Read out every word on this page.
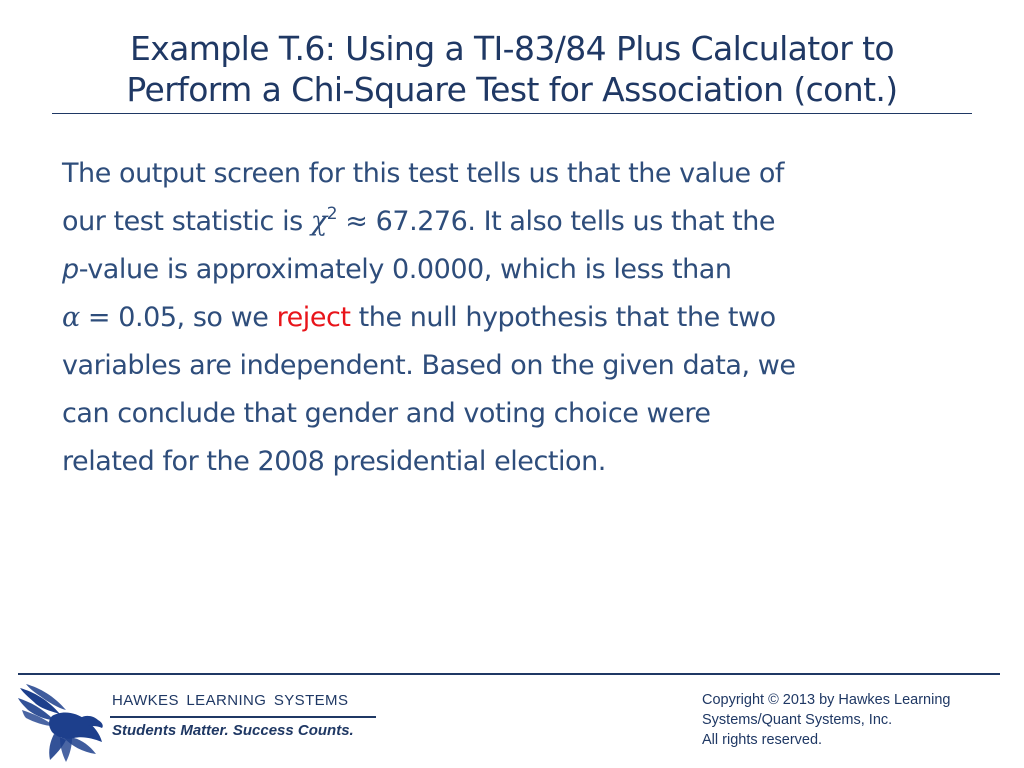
Example T.6: Using a TI-83/84 Plus Calculator to
Perform a Chi-Square Test for Association (cont.)

The output screen for this test tells us that the value of
our test statistic is $\chi^2 \approx 67.276$. It also tells us that the
p-value is approximately 0.0000, which is less than
α = 0.05, so we reject the null hypothesis that the two
variables are independent. Based on the given data, we
can conclude that gender and voting choice were
related for the 2008 presidential election.

HAWKES LEARNING SYSTEMS

Students Matter. Success Counts.

Copyright © 2013 by Hawkes Learning
Systems/Quant Systems, Inc.
All rights reserved.
